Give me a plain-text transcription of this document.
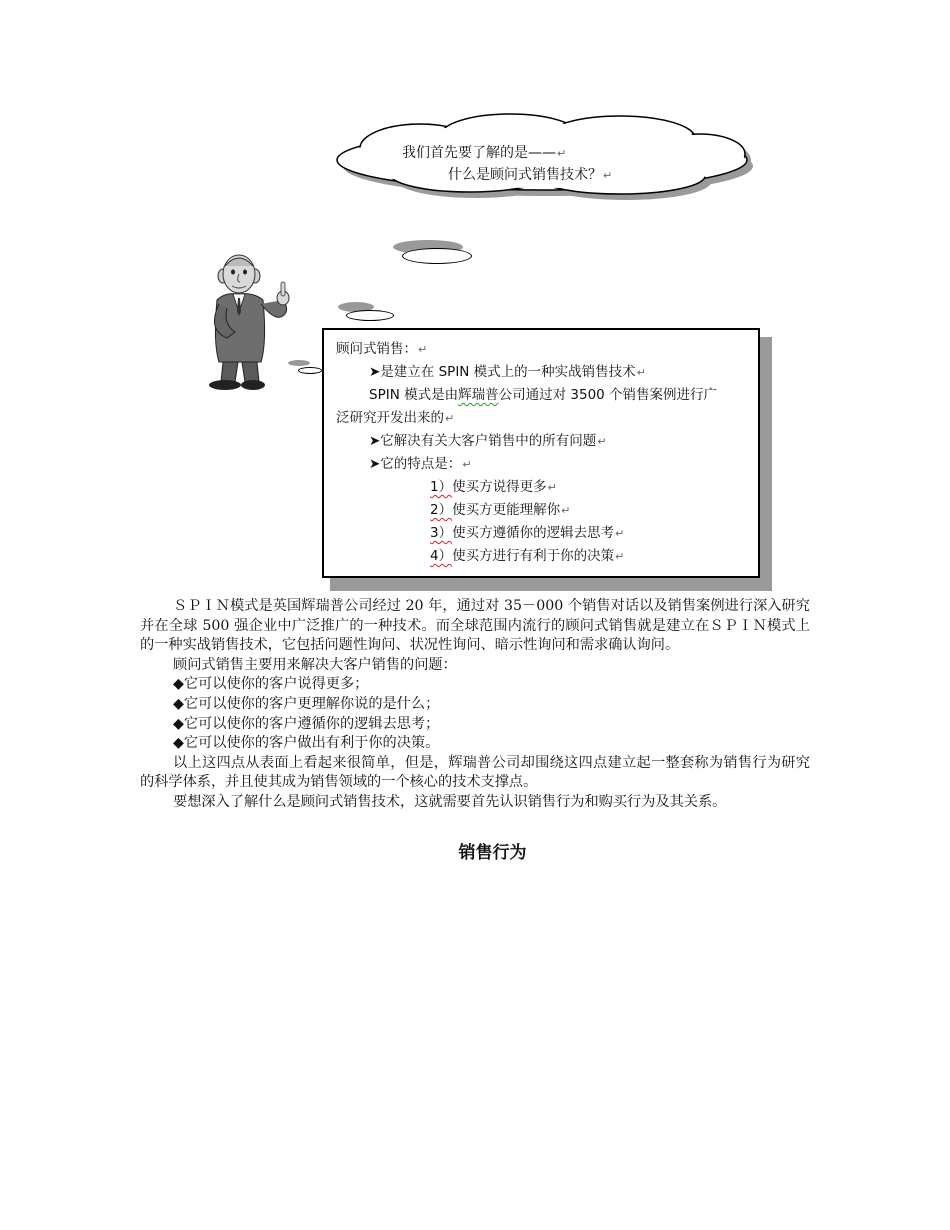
我们首先要了解的是——↵
什么是顾问式销售技术？↵
顾问式销售：↵
➤是建立在 SPIN 模式上的一种实战销售技术↵
SPIN 模式是由辉瑞普公司通过对 3500 个销售案例进行广
泛研究开发出来的↵
➤它解决有关大客户销售中的所有问题↵
➤它的特点是：↵
1）使买方说得更多↵
2）使买方更能理解你↵
3）使买方遵循你的逻辑去思考↵
4）使买方进行有利于你的决策↵

ＳＰＩＮ模式是英国辉瑞普公司经过 20 年，通过对 35－000 个销售对话以及销售案例进行深入研究并在全球 500 强企业中广泛推广的一种技术。而全球范围内流行的顾问式销售就是建立在ＳＰＩＮ模式上的一种实战销售技术，它包括问题性询问、状况性询问、暗示性询问和需求确认询问。

顾问式销售主要用来解决大客户销售的问题：

◆它可以使你的客户说得更多；

◆它可以使你的客户更理解你说的是什么；

◆它可以使你的客户遵循你的逻辑去思考；

◆它可以使你的客户做出有利于你的决策。

以上这四点从表面上看起来很简单，但是，辉瑞普公司却围绕这四点建立起一整套称为销售行为研究的科学体系，并且使其成为销售领域的一个核心的技术支撑点。

要想深入了解什么是顾问式销售技术，这就需要首先认识销售行为和购买行为及其关系。

销售行为
